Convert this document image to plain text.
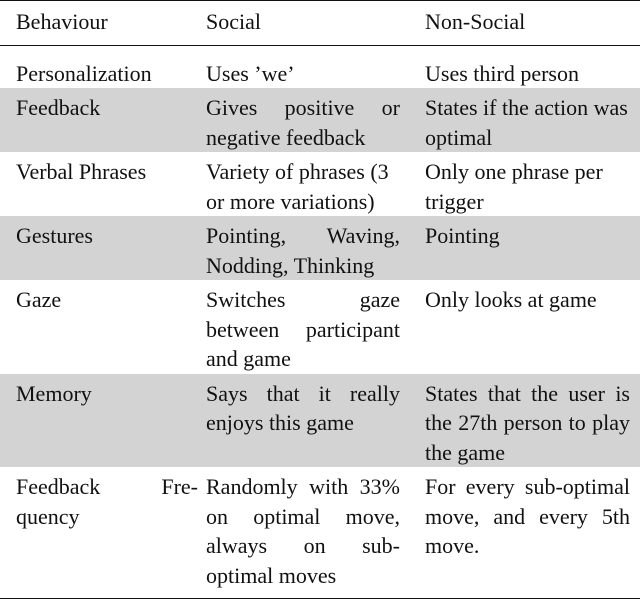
Behaviour	Social	Non-Social
Personalization	Uses ’we’	Uses third person
Feedback	Gives positive or negative feedback	States if the action was optimal
Verbal Phrases	Variety of phrases (3 or more variations)	Only one phrase per trigger
Gestures	Pointing, Waving, Nodding, Thinking	Pointing
Gaze	Switches gaze between participant and game	Only looks at game
Memory	Says that it really enjoys this game	States that the user is the 27th person to play the game
Feedback Fre-quency	Randomly with 33% on optimal move, always on sub-optimal moves	For every sub-optimal move, and every 5th move.
